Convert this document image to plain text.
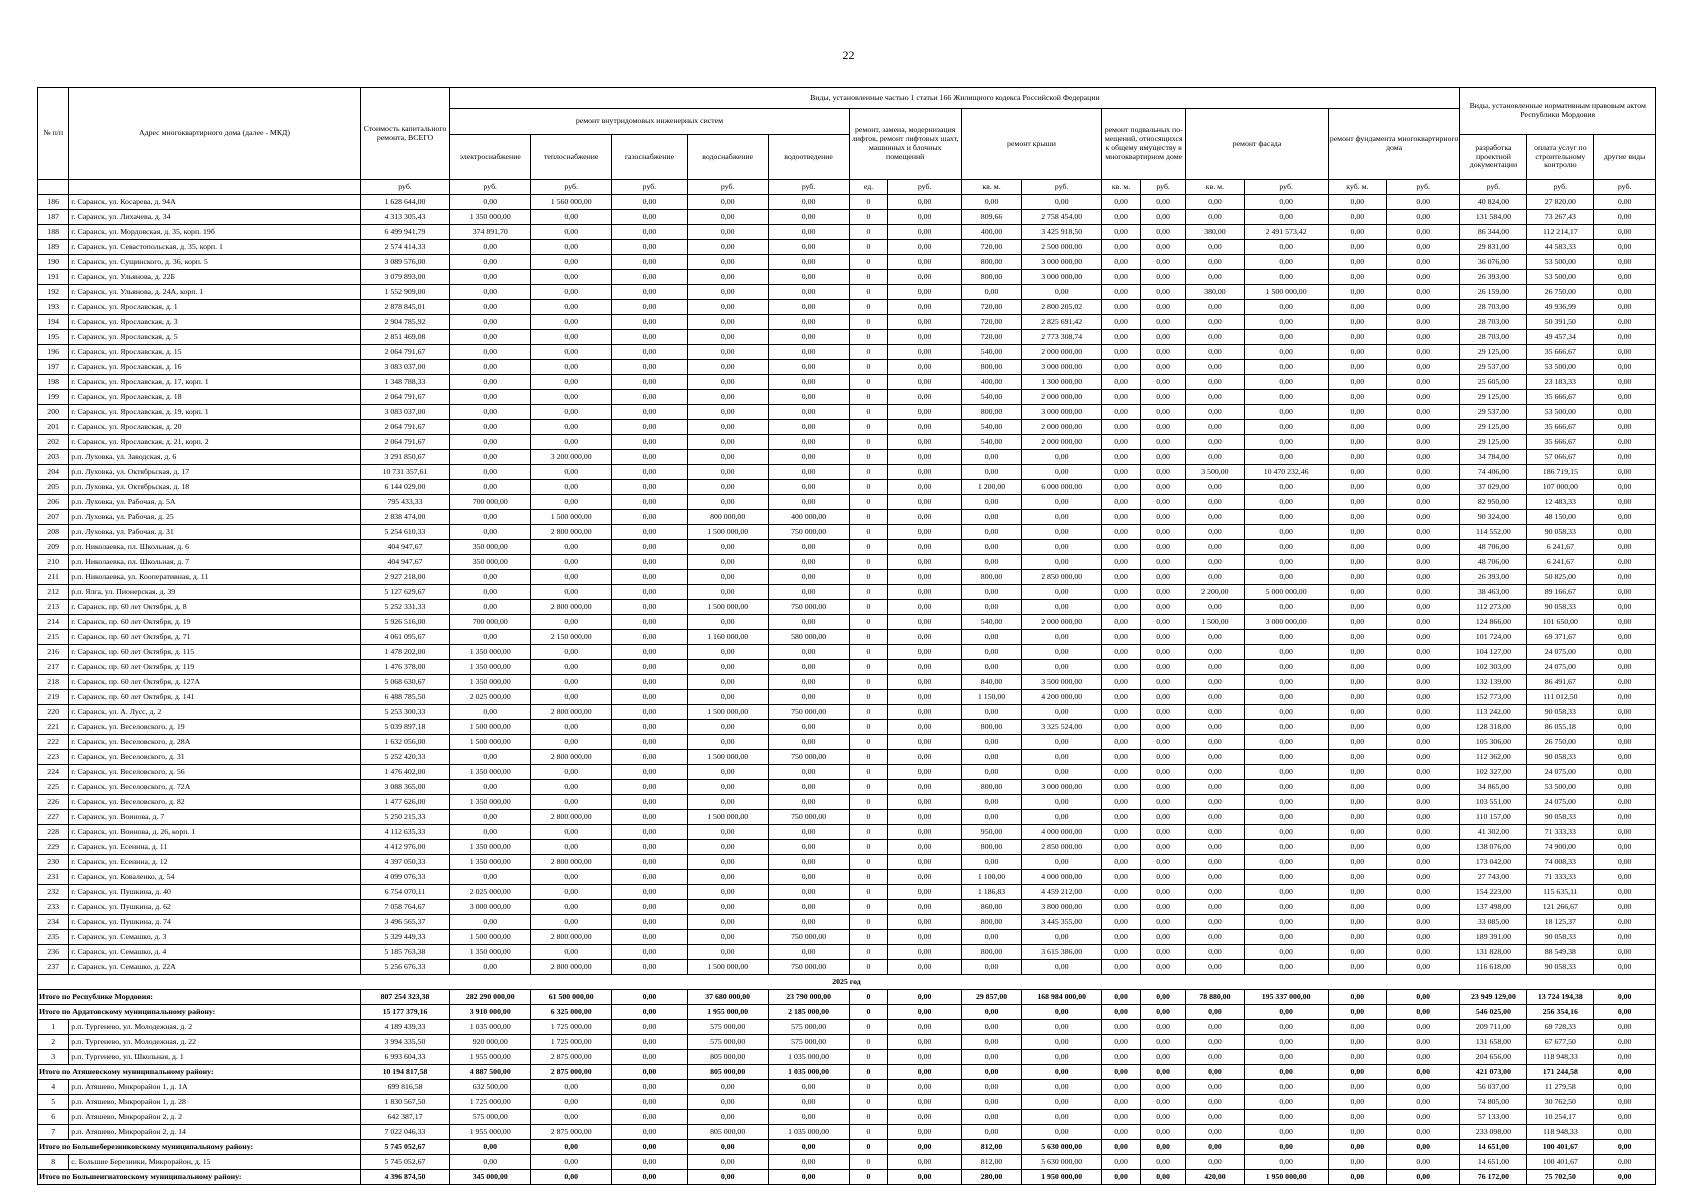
22
№ п/п	Адрес многоквартирного дома (далее - МКД)	Стоимость капитального ремонта, ВСЕГО	Виды, установленные частью 1 статьи 166 Жилищного кодекса Российской Федерации															Виды, установленные нормативным правовым актом Республики Мордовия		
			ремонт внутридомовых инженерных систем					ремонт, замена, модернизация лифтов, ремонт лифтовых шахт, машинных и блочных помещений		ремонт крыши		ремонт подвальных по-мещений, относящихся к общему имуществу в многоквартирном доме		ремонт фасада		ремонт фундамента многоквартирного дома				
			электроснабжение	теплоснабжение	газоснабжение	водоснабжение	водоотведение											разработка проектной документации	оплата услуг по строительному контролю	другие виды
		руб.	руб.	руб.	руб.	руб.	руб.	ед.	руб.	кв. м.	руб.	кв. м.	руб.	кв. м.	руб.	куб. м.	руб.	руб.	руб.	руб.
186	г. Саранск, ул. Косарева, д. 94А	1 628 644,00	0,00	1 560 000,00	0,00	0,00	0,00	0	0,00	0,00	0,00	0,00	0,00	0,00	0,00	0,00	0,00	40 824,00	27 820,00	0,00
187	г. Саранск, ул. Лихачева, д. 34	4 313 305,43	1 350 000,00	0,00	0,00	0,00	0,00	0	0,00	809,66	2 758 454,00	0,00	0,00	0,00	0,00	0,00	0,00	131 584,00	73 267,43	0,00
188	г. Саранск, ул. Мордовская, д. 35, корп. 19б	6 499 941,79	374 891,70	0,00	0,00	0,00	0,00	0	0,00	400,00	3 425 918,50	0,00	0,00	380,00	2 491 573,42	0,00	0,00	86 344,00	112 214,17	0,00
189	г. Саранск, ул. Севастопольская, д. 35, корп. 1	2 574 414,33	0,00	0,00	0,00	0,00	0,00	0	0,00	720,00	2 500 000,00	0,00	0,00	0,00	0,00	0,00	0,00	29 831,00	44 583,33	0,00
190	г. Саранск, ул. Сущинского, д. 36, корп. 5	3 089 576,00	0,00	0,00	0,00	0,00	0,00	0	0,00	800,00	3 000 000,00	0,00	0,00	0,00	0,00	0,00	0,00	36 076,00	53 500,00	0,00
191	г. Саранск, ул. Ульянова, д. 22Б	3 079 893,00	0,00	0,00	0,00	0,00	0,00	0	0,00	800,00	3 000 000,00	0,00	0,00	0,00	0,00	0,00	0,00	26 393,00	53 500,00	0,00
192	г. Саранск, ул. Ульянова, д. 24А, корп. 1	1 552 909,00	0,00	0,00	0,00	0,00	0,00	0	0,00	0,00	0,00	0,00	0,00	380,00	1 500 000,00	0,00	0,00	26 159,00	26 750,00	0,00
193	г. Саранск, ул. Ярославская, д. 1	2 878 845,01	0,00	0,00	0,00	0,00	0,00	0	0,00	720,00	2 800 205,02	0,00	0,00	0,00	0,00	0,00	0,00	28 703,00	49 936,99	0,00
194	г. Саранск, ул. Ярославская, д. 3	2 904 785,92	0,00	0,00	0,00	0,00	0,00	0	0,00	720,00	2 825 691,42	0,00	0,00	0,00	0,00	0,00	0,00	28 703,00	50 391,50	0,00
195	г. Саранск, ул. Ярославская, д. 5	2 851 469,08	0,00	0,00	0,00	0,00	0,00	0	0,00	720,00	2 773 308,74	0,00	0,00	0,00	0,00	0,00	0,00	28 703,00	49 457,34	0,00
196	г. Саранск, ул. Ярославская, д. 15	2 064 791,67	0,00	0,00	0,00	0,00	0,00	0	0,00	540,00	2 000 000,00	0,00	0,00	0,00	0,00	0,00	0,00	29 125,00	35 666,67	0,00
197	г. Саранск, ул. Ярославская, д. 16	3 083 037,00	0,00	0,00	0,00	0,00	0,00	0	0,00	800,00	3 000 000,00	0,00	0,00	0,00	0,00	0,00	0,00	29 537,00	53 500,00	0,00
198	г. Саранск, ул. Ярославская, д. 17, корп. 1	1 348 788,33	0,00	0,00	0,00	0,00	0,00	0	0,00	400,00	1 300 000,00	0,00	0,00	0,00	0,00	0,00	0,00	25 605,00	23 183,33	0,00
199	г. Саранск, ул. Ярославская, д. 18	2 064 791,67	0,00	0,00	0,00	0,00	0,00	0	0,00	540,00	2 000 000,00	0,00	0,00	0,00	0,00	0,00	0,00	29 125,00	35 666,67	0,00
200	г. Саранск, ул. Ярославская, д. 19, корп. 1	3 083 037,00	0,00	0,00	0,00	0,00	0,00	0	0,00	800,00	3 000 000,00	0,00	0,00	0,00	0,00	0,00	0,00	29 537,00	53 500,00	0,00
201	г. Саранск, ул. Ярославская, д. 20	2 064 791,67	0,00	0,00	0,00	0,00	0,00	0	0,00	540,00	2 000 000,00	0,00	0,00	0,00	0,00	0,00	0,00	29 125,00	35 666,67	0,00
202	г. Саранск, ул. Ярославская, д. 21, корп. 2	2 064 791,67	0,00	0,00	0,00	0,00	0,00	0	0,00	540,00	2 000 000,00	0,00	0,00	0,00	0,00	0,00	0,00	29 125,00	35 666,67	0,00
203	р.п. Луховка, ул. Заводская, д. 6	3 291 850,67	0,00	3 200 000,00	0,00	0,00	0,00	0	0,00	0,00	0,00	0,00	0,00	0,00	0,00	0,00	0,00	34 784,00	57 066,67	0,00
204	р.п. Луховка, ул. Октябрьская, д. 17	10 731 357,61	0,00	0,00	0,00	0,00	0,00	0	0,00	0,00	0,00	0,00	0,00	3 500,00	10 470 232,46	0,00	0,00	74 406,00	186 719,15	0,00
205	р.п. Луховка, ул. Октябрьская, д. 18	6 144 029,00	0,00	0,00	0,00	0,00	0,00	0	0,00	1 200,00	6 000 000,00	0,00	0,00	0,00	0,00	0,00	0,00	37 029,00	107 000,00	0,00
206	р.п. Луховка, ул. Рабочая, д. 5А	795 433,33	700 000,00	0,00	0,00	0,00	0,00	0	0,00	0,00	0,00	0,00	0,00	0,00	0,00	0,00	0,00	82 950,00	12 483,33	0,00
207	р.п. Луховка, ул. Рабочая, д. 25	2 838 474,00	0,00	1 500 000,00	0,00	800 000,00	400 000,00	0	0,00	0,00	0,00	0,00	0,00	0,00	0,00	0,00	0,00	90 324,00	48 150,00	0,00
208	р.п. Луховка, ул. Рабочая, д. 31	5 254 610,33	0,00	2 800 000,00	0,00	1 500 000,00	750 000,00	0	0,00	0,00	0,00	0,00	0,00	0,00	0,00	0,00	0,00	114 552,00	90 058,33	0,00
209	р.п. Николаевка, пл. Школьная, д. 6	404 947,67	350 000,00	0,00	0,00	0,00	0,00	0	0,00	0,00	0,00	0,00	0,00	0,00	0,00	0,00	0,00	48 706,00	6 241,67	0,00
210	р.п. Николаевка, пл. Школьная, д. 7	404 947,67	350 000,00	0,00	0,00	0,00	0,00	0	0,00	0,00	0,00	0,00	0,00	0,00	0,00	0,00	0,00	48 706,00	6 241,67	0,00
211	р.п. Николаевка, ул. Кооперативная, д. 11	2 927 218,00	0,00	0,00	0,00	0,00	0,00	0	0,00	800,00	2 850 000,00	0,00	0,00	0,00	0,00	0,00	0,00	26 393,00	50 825,00	0,00
212	р.п. Ялга, ул. Пионерская, д. 39	5 127 629,67	0,00	0,00	0,00	0,00	0,00	0	0,00	0,00	0,00	0,00	0,00	2 200,00	5 000 000,00	0,00	0,00	38 463,00	89 166,67	0,00
213	г. Саранск, пр. 60 лет Октября, д. 8	5 252 331,33	0,00	2 800 000,00	0,00	1 500 000,00	750 000,00	0	0,00	0,00	0,00	0,00	0,00	0,00	0,00	0,00	0,00	112 273,00	90 058,33	0,00
214	г. Саранск, пр. 60 лет Октября, д. 19	5 926 516,00	700 000,00	0,00	0,00	0,00	0,00	0	0,00	540,00	2 000 000,00	0,00	0,00	1 500,00	3 000 000,00	0,00	0,00	124 866,00	101 650,00	0,00
215	г. Саранск, пр. 60 лет Октября, д. 71	4 061 095,67	0,00	2 150 000,00	0,00	1 160 000,00	580 000,00	0	0,00	0,00	0,00	0,00	0,00	0,00	0,00	0,00	0,00	101 724,00	69 371,67	0,00
216	г. Саранск, пр. 60 лет Октября, д. 115	1 478 202,00	1 350 000,00	0,00	0,00	0,00	0,00	0	0,00	0,00	0,00	0,00	0,00	0,00	0,00	0,00	0,00	104 127,00	24 075,00	0,00
217	г. Саранск, пр. 60 лет Октября, д. 119	1 476 378,00	1 350 000,00	0,00	0,00	0,00	0,00	0	0,00	0,00	0,00	0,00	0,00	0,00	0,00	0,00	0,00	102 303,00	24 075,00	0,00
218	г. Саранск, пр. 60 лет Октября, д. 127А	5 068 630,67	1 350 000,00	0,00	0,00	0,00	0,00	0	0,00	840,00	3 500 000,00	0,00	0,00	0,00	0,00	0,00	0,00	132 139,00	86 491,67	0,00
219	г. Саранск, пр. 60 лет Октября, д. 141	6 488 785,50	2 025 000,00	0,00	0,00	0,00	0,00	0	0,00	1 150,00	4 200 000,00	0,00	0,00	0,00	0,00	0,00	0,00	152 773,00	111 012,50	0,00
220	г. Саранск, ул. А. Лусс, д. 2	5 253 300,33	0,00	2 800 000,00	0,00	1 500 000,00	750 000,00	0	0,00	0,00	0,00	0,00	0,00	0,00	0,00	0,00	0,00	113 242,00	90 058,33	0,00
221	г. Саранск, ул. Веселовского, д. 19	5 039 897,18	1 500 000,00	0,00	0,00	0,00	0,00	0	0,00	800,00	3 325 524,00	0,00	0,00	0,00	0,00	0,00	0,00	128 318,00	86 055,18	0,00
222	г. Саранск, ул. Веселовского, д. 28А	1 632 056,00	1 500 000,00	0,00	0,00	0,00	0,00	0	0,00	0,00	0,00	0,00	0,00	0,00	0,00	0,00	0,00	105 306,00	26 750,00	0,00
223	г. Саранск, ул. Веселовского, д. 31	5 252 420,33	0,00	2 800 000,00	0,00	1 500 000,00	750 000,00	0	0,00	0,00	0,00	0,00	0,00	0,00	0,00	0,00	0,00	112 362,00	90 058,33	0,00
224	г. Саранск, ул. Веселовского, д. 56	1 476 402,00	1 350 000,00	0,00	0,00	0,00	0,00	0	0,00	0,00	0,00	0,00	0,00	0,00	0,00	0,00	0,00	102 327,00	24 075,00	0,00
225	г. Саранск, ул. Веселовского, д. 72А	3 088 365,00	0,00	0,00	0,00	0,00	0,00	0	0,00	800,00	3 000 000,00	0,00	0,00	0,00	0,00	0,00	0,00	34 865,00	53 500,00	0,00
226	г. Саранск, ул. Веселовского, д. 82	1 477 626,00	1 350 000,00	0,00	0,00	0,00	0,00	0	0,00	0,00	0,00	0,00	0,00	0,00	0,00	0,00	0,00	103 551,00	24 075,00	0,00
227	г. Саранск, ул. Воинова, д. 7	5 250 215,33	0,00	2 800 000,00	0,00	1 500 000,00	750 000,00	0	0,00	0,00	0,00	0,00	0,00	0,00	0,00	0,00	0,00	110 157,00	90 058,33	0,00
228	г. Саранск, ул. Воинова, д. 26, корп. 1	4 112 635,33	0,00	0,00	0,00	0,00	0,00	0	0,00	950,00	4 000 000,00	0,00	0,00	0,00	0,00	0,00	0,00	41 302,00	71 333,33	0,00
229	г. Саранск, ул. Есенина, д. 11	4 412 976,00	1 350 000,00	0,00	0,00	0,00	0,00	0	0,00	800,00	2 850 000,00	0,00	0,00	0,00	0,00	0,00	0,00	138 076,00	74 900,00	0,00
230	г. Саранск, ул. Есенина, д. 12	4 397 050,33	1 350 000,00	2 800 000,00	0,00	0,00	0,00	0	0,00	0,00	0,00	0,00	0,00	0,00	0,00	0,00	0,00	173 042,00	74 008,33	0,00
231	г. Саранск, ул. Коваленко, д. 54	4 099 076,33	0,00	0,00	0,00	0,00	0,00	0	0,00	1 100,00	4 000 000,00	0,00	0,00	0,00	0,00	0,00	0,00	27 743,00	71 333,33	0,00
232	г. Саранск, ул. Пушкина, д. 40	6 754 070,11	2 025 000,00	0,00	0,00	0,00	0,00	0	0,00	1 186,83	4 459 212,00	0,00	0,00	0,00	0,00	0,00	0,00	154 223,00	115 635,11	0,00
233	г. Саранск, ул. Пушкина, д. 62	7 058 764,67	3 000 000,00	0,00	0,00	0,00	0,00	0	0,00	860,00	3 800 000,00	0,00	0,00	0,00	0,00	0,00	0,00	137 498,00	121 266,67	0,00
234	г. Саранск, ул. Пушкина, д. 74	3 496 565,37	0,00	0,00	0,00	0,00	0,00	0	0,00	800,00	3 445 355,00	0,00	0,00	0,00	0,00	0,00	0,00	33 085,00	18 125,37	0,00
235	г. Саранск, ул. Семашко, д. 3	5 329 449,33	1 500 000,00	2 800 000,00	0,00	0,00	750 000,00	0	0,00	0,00	0,00	0,00	0,00	0,00	0,00	0,00	0,00	189 391,00	90 058,33	0,00
236	г. Саранск, ул. Семашко, д. 4	5 185 763,38	1 350 000,00	0,00	0,00	0,00	0,00	0	0,00	800,00	3 615 386,00	0,00	0,00	0,00	0,00	0,00	0,00	131 828,00	88 549,38	0,00
237	г. Саранск, ул. Семашко, д. 22А	5 256 676,33	0,00	2 800 000,00	0,00	1 500 000,00	750 000,00	0	0,00	0,00	0,00	0,00	0,00	0,00	0,00	0,00	0,00	116 618,00	90 058,33	0,00
2025 год																				
Итого по Республике Мордовия:		807 254 323,38	282 290 000,00	61 500 000,00	0,00	37 680 000,00	23 790 000,00	0	0,00	29 857,00	168 984 000,00	0,00	0,00	78 880,00	195 337 000,00	0,00	0,00	23 949 129,00	13 724 194,38	0,00
Итого по Ардатовскому муниципальному району:		15 177 379,16	3 910 000,00	6 325 000,00	0,00	1 955 000,00	2 185 000,00	0	0,00	0,00	0,00	0,00	0,00	0,00	0,00	0,00	0,00	546 025,00	256 354,16	0,00
1	р.п. Тургенево, ул. Молодежная, д. 2	4 189 439,33	1 035 000,00	1 725 000,00	0,00	575 000,00	575 000,00	0	0,00	0,00	0,00	0,00	0,00	0,00	0,00	0,00	0,00	209 711,00	69 728,33	0,00
2	р.п. Тургенево, ул. Молодежная, д. 22	3 994 335,50	920 000,00	1 725 000,00	0,00	575 000,00	575 000,00	0	0,00	0,00	0,00	0,00	0,00	0,00	0,00	0,00	0,00	131 658,00	67 677,50	0,00
3	р.п. Тургенево, ул. Школьная, д. 1	6 993 604,33	1 955 000,00	2 875 000,00	0,00	805 000,00	1 035 000,00	0	0,00	0,00	0,00	0,00	0,00	0,00	0,00	0,00	0,00	204 656,00	118 948,33	0,00
Итого по Атяшевскому муниципальному району:		10 194 817,58	4 887 500,00	2 875 000,00	0,00	805 000,00	1 035 000,00	0	0,00	0,00	0,00	0,00	0,00	0,00	0,00	0,00	0,00	421 073,00	171 244,58	0,00
4	р.п. Атяшево, Микрорайон 1, д. 1А	699 816,58	632 500,00	0,00	0,00	0,00	0,00	0	0,00	0,00	0,00	0,00	0,00	0,00	0,00	0,00	0,00	56 037,00	11 279,58	0,00
5	р.п. Атяшево, Микрорайон 1, д. 28	1 830 567,50	1 725 000,00	0,00	0,00	0,00	0,00	0	0,00	0,00	0,00	0,00	0,00	0,00	0,00	0,00	0,00	74 805,00	30 762,50	0,00
6	р.п. Атяшево, Микрорайон 2, д. 2	642 387,17	575 000,00	0,00	0,00	0,00	0,00	0	0,00	0,00	0,00	0,00	0,00	0,00	0,00	0,00	0,00	57 133,00	10 254,17	0,00
7	р.п. Атяшево, Микрорайон 2, д. 14	7 022 046,33	1 955 000,00	2 875 000,00	0,00	805 000,00	1 035 000,00	0	0,00	0,00	0,00	0,00	0,00	0,00	0,00	0,00	0,00	233 098,00	118 948,33	0,00
Итого по Большеберезниковскому муниципальному району:		5 745 052,67	0,00	0,00	0,00	0,00	0,00	0	0,00	812,00	5 630 000,00	0,00	0,00	0,00	0,00	0,00	0,00	14 651,00	100 401,67	0,00
8	с. Большие Березники, Микрорайон, д. 15	5 745 052,67	0,00	0,00	0,00	0,00	0,00	0	0,00	812,00	5 630 000,00	0,00	0,00	0,00	0,00	0,00	0,00	14 651,00	100 401,67	0,00
Итого по Большеигнатовскому муниципальному району:		4 396 874,50	345 000,00	0,00	0,00	0,00	0,00	0	0,00	280,00	1 950 000,00	0,00	0,00	420,00	1 950 000,00	0,00	0,00	76 172,00	75 702,50	0,00
